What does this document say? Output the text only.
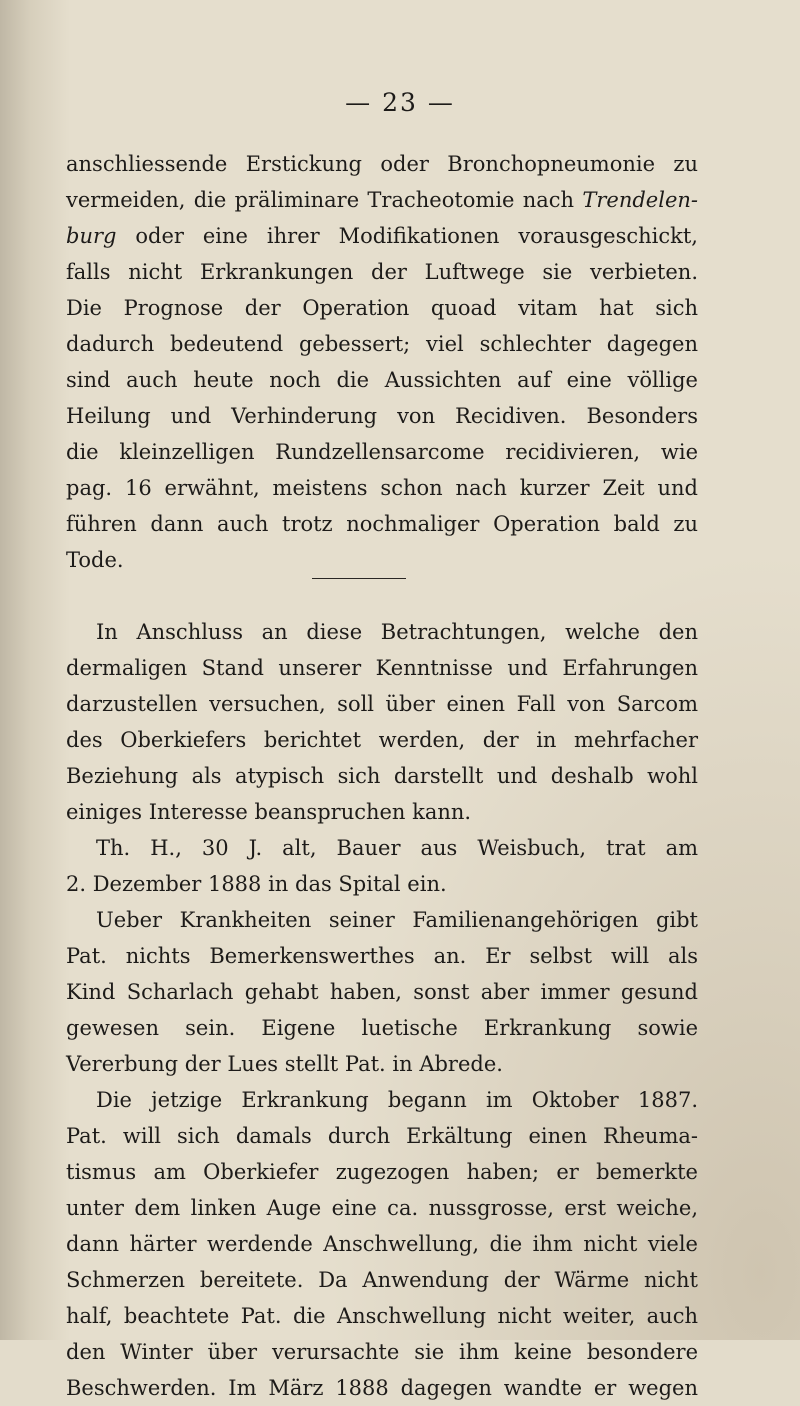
— 23 —
anschliessende Erstickung oder Bronchopneumonie zu
vermeiden, die präliminare Tracheotomie nach Trendelen-
burg oder eine ihrer Modifikationen vorausgeschickt,
falls nicht Erkrankungen der Luftwege sie verbieten.
Die Prognose der Operation quoad vitam hat sich
dadurch bedeutend gebessert; viel schlechter dagegen
sind auch heute noch die Aussichten auf eine völlige
Heilung und Verhinderung von Recidiven. Besonders
die kleinzelligen Rundzellensarcome recidivieren, wie
pag. 16 erwähnt, meistens schon nach kurzer Zeit und
führen dann auch trotz nochmaliger Operation bald zu
Tode.
In Anschluss an diese Betrachtungen, welche den
dermaligen Stand unserer Kenntnisse und Erfahrungen
darzustellen versuchen, soll über einen Fall von Sarcom
des Oberkiefers berichtet werden, der in mehrfacher
Beziehung als atypisch sich darstellt und deshalb wohl
einiges Interesse beanspruchen kann.
Th. H., 30 J. alt, Bauer aus Weisbuch, trat am
2. Dezember 1888 in das Spital ein.
Ueber Krankheiten seiner Familienangehörigen gibt
Pat. nichts Bemerkenswerthes an. Er selbst will als
Kind Scharlach gehabt haben, sonst aber immer gesund
gewesen sein. Eigene luetische Erkrankung sowie
Vererbung der Lues stellt Pat. in Abrede.
Die jetzige Erkrankung begann im Oktober 1887.
Pat. will sich damals durch Erkältung einen Rheuma-
tismus am Oberkiefer zugezogen haben; er bemerkte
unter dem linken Auge eine ca. nussgrosse, erst weiche,
dann härter werdende Anschwellung, die ihm nicht viele
Schmerzen bereitete. Da Anwendung der Wärme nicht
half, beachtete Pat. die Anschwellung nicht weiter, auch
den Winter über verursachte sie ihm keine besondere
Beschwerden. Im März 1888 dagegen wandte er wegen
